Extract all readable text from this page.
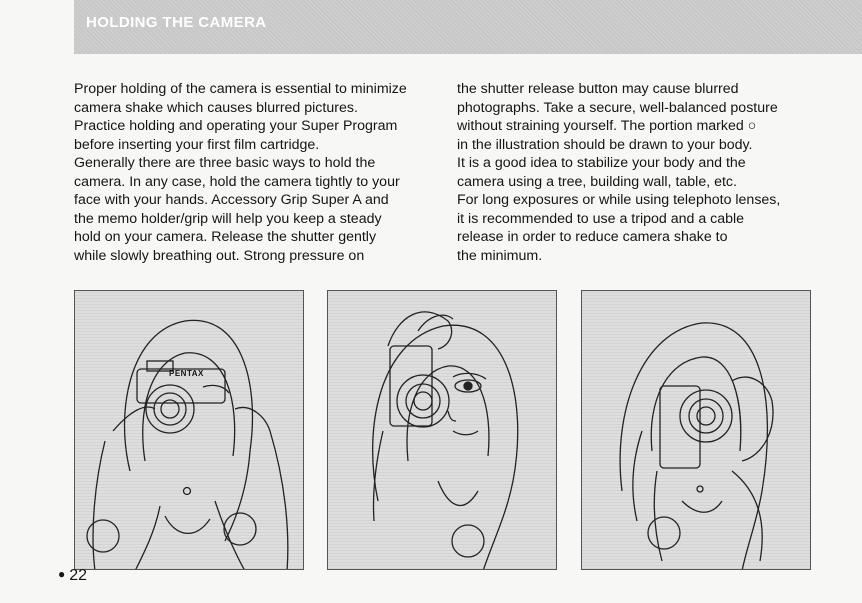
HOLDING THE CAMERA

Proper holding of the camera is essential to minimize

camera shake which causes blurred pictures.

Practice holding and operating your Super Program

before inserting your first film cartridge.

Generally there are three basic ways to hold the

camera. In any case, hold the camera tightly to your

face with your hands. Accessory Grip Super A and

the memo holder/grip will help you keep a steady

hold on your camera. Release the shutter gently

while slowly breathing out. Strong pressure on

the shutter release button may cause blurred

photographs. Take a secure, well-balanced posture

without straining yourself. The portion marked ○

in the illustration should be drawn to your body.

It is a good idea to stabilize your body and the

camera using a tree, building wall, table, etc.

For long exposures or while using telephoto lenses,

it is recommended to use a tripod and a cable

release in order to reduce camera shake to

the minimum.

PENTAX
● 22
